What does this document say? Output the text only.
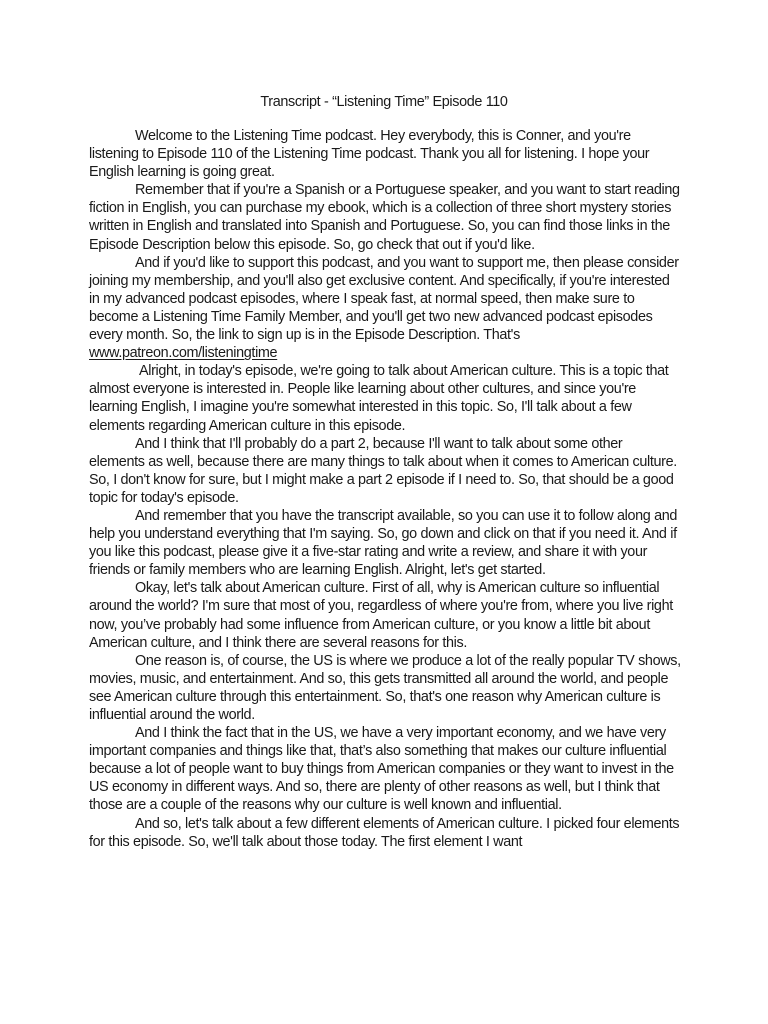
Transcript - “Listening Time” Episode 110

Welcome to the Listening Time podcast. Hey everybody, this is Conner, and you're listening to Episode 110 of the Listening Time podcast. Thank you all for listening. I hope your English learning is going great.

Remember that if you're a Spanish or a Portuguese speaker, and you want to start reading fiction in English, you can purchase my ebook, which is a collection of three short mystery stories written in English and translated into Spanish and Portuguese. So, you can find those links in the Episode Description below this episode. So, go check that out if you'd like.

And if you'd like to support this podcast, and you want to support me, then please consider joining my membership, and you'll also get exclusive content. And specifically, if you're interested in my advanced podcast episodes, where I speak fast, at normal speed, then make sure to become a Listening Time Family Member, and you'll get two new advanced podcast episodes every month. So, the link to sign up is in the Episode Description. That's www.patreon.com/listeningtime

Alright, in today's episode, we're going to talk about American culture. This is a topic that almost everyone is interested in. People like learning about other cultures, and since you're learning English, I imagine you're somewhat interested in this topic. So, I'll talk about a few elements regarding American culture in this episode.

And I think that I'll probably do a part 2, because I'll want to talk about some other elements as well, because there are many things to talk about when it comes to American culture. So, I don't know for sure, but I might make a part 2 episode if I need to. So, that should be a good topic for today's episode.

And remember that you have the transcript available, so you can use it to follow along and help you understand everything that I'm saying. So, go down and click on that if you need it. And if you like this podcast, please give it a five-star rating and write a review, and share it with your friends or family members who are learning English. Alright, let's get started.

Okay, let's talk about American culture. First of all, why is American culture so influential around the world? I'm sure that most of you, regardless of where you're from, where you live right now, you’ve probably had some influence from American culture, or you know a little bit about American culture, and I think there are several reasons for this.

One reason is, of course, the US is where we produce a lot of the really popular TV shows, movies, music, and entertainment. And so, this gets transmitted all around the world, and people see American culture through this entertainment. So, that's one reason why American culture is influential around the world.

And I think the fact that in the US, we have a very important economy, and we have very important companies and things like that, that’s also something that makes our culture influential because a lot of people want to buy things from American companies or they want to invest in the US economy in different ways. And so, there are plenty of other reasons as well, but I think that those are a couple of the reasons why our culture is well known and influential.

And so, let's talk about a few different elements of American culture. I picked four elements for this episode. So, we'll talk about those today. The first element I want
